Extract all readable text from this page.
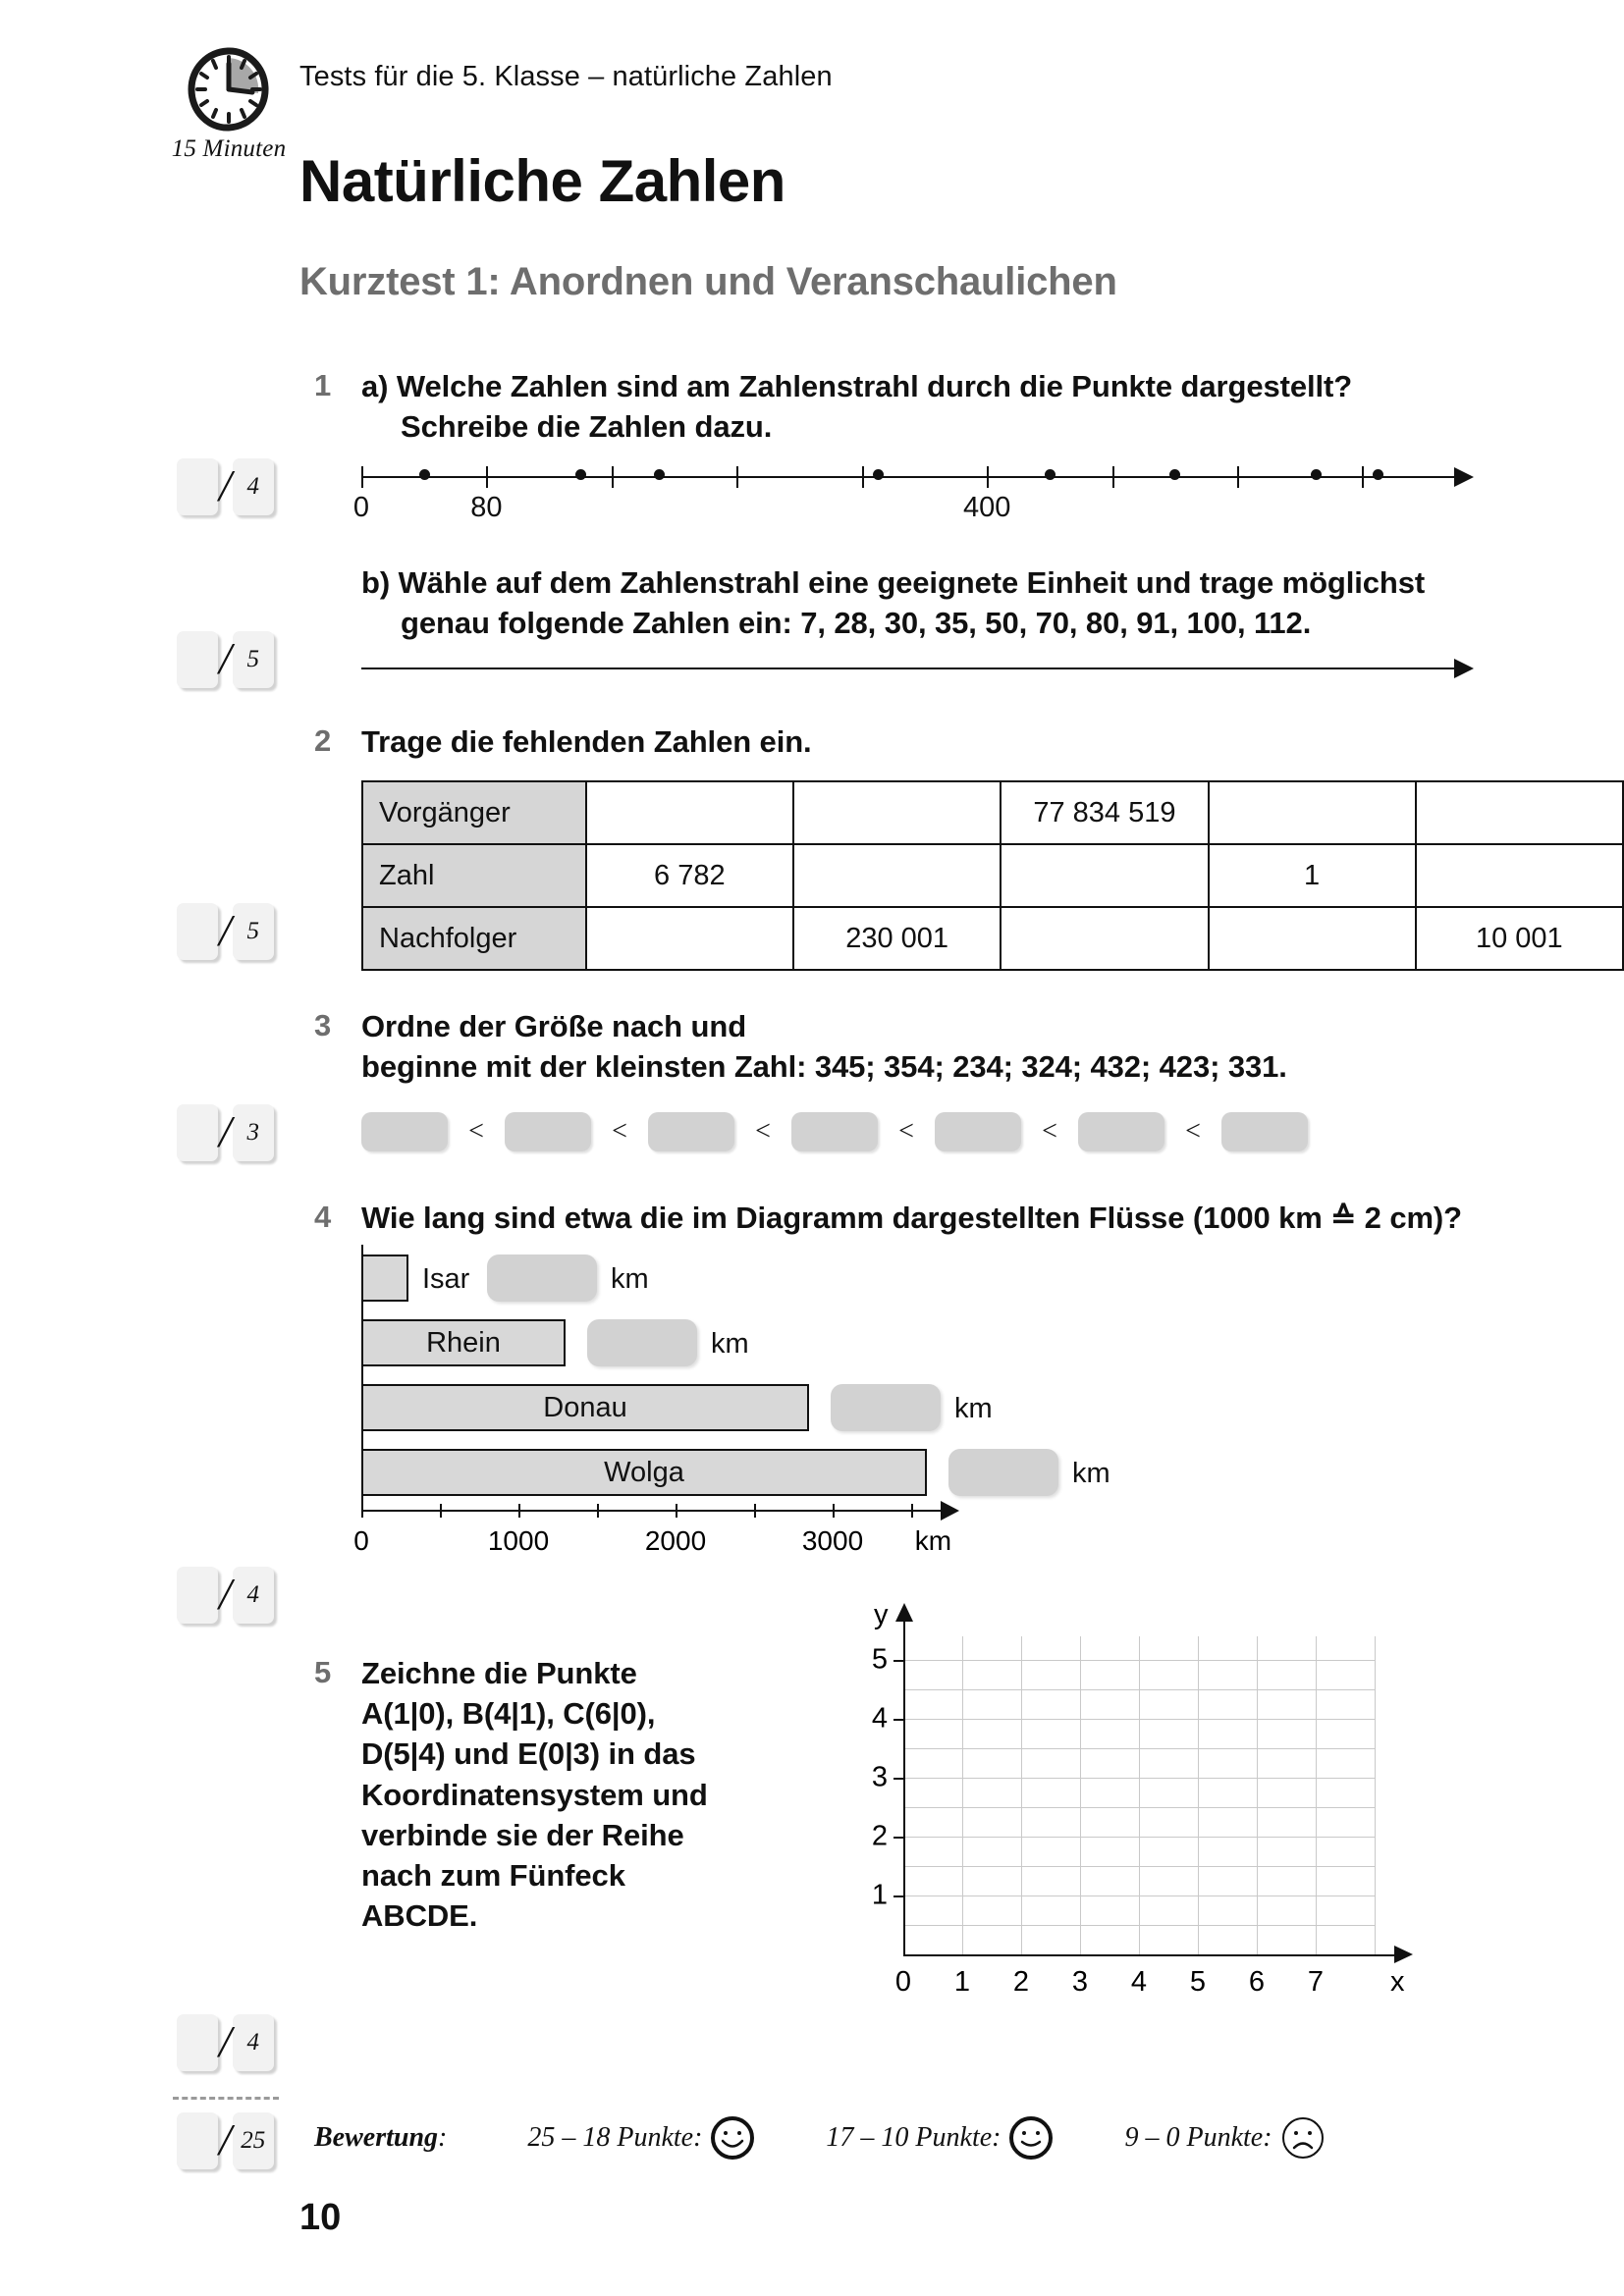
15 Minuten
Tests für die 5. Klasse – natürliche Zahlen
Natürliche Zahlen
Kurztest 1: Anordnen und Veranschaulichen
1 a) Welche Zahlen sind am Zahlenstrahl durch die Punkte dargestellt?
Schreibe die Zahlen dazu.
/ 4
0	80	400
b) Wähle auf dem Zahlenstrahl eine geeignete Einheit und trage möglichst
genau folgende Zahlen ein: 7, 28, 30, 35, 50, 70, 80, 91, 100, 112.
/ 5
2 Trage die fehlenden Zahlen ein.
/ 5
Vorgänger			77 834 519		
Zahl	6 782			1	
Nachfolger		230 001			10 001
3 Ordne der Größe nach und
beginne mit der kleinsten Zahl: 345; 354; 234; 324; 432; 423; 331.
/ 3	<	<	<	<	<	<
4 Wie lang sind etwa die im Diagramm dargestellten Flüsse (1000 km ≙ 2 cm)?
/ 4
0	1000	2000	3000 km
Isar	km
Rhein	km
Donau	km
Wolga	km
5 Zeichne die Punkte
A(1|0), B(4|1), C(6|0),
D(5|4) und E(0|3) in das
Koordinatensystem und
verbinde sie der Reihe
nach zum Fünfeck
ABCDE.
/ 4
0 1 2 3 4 5 6 7
1
2
3
4
5
x
y
/ 25	Bewertung :	25 – 18 Punkte:	17 – 10 Punkte:	9 – 0 Punkte:
10
